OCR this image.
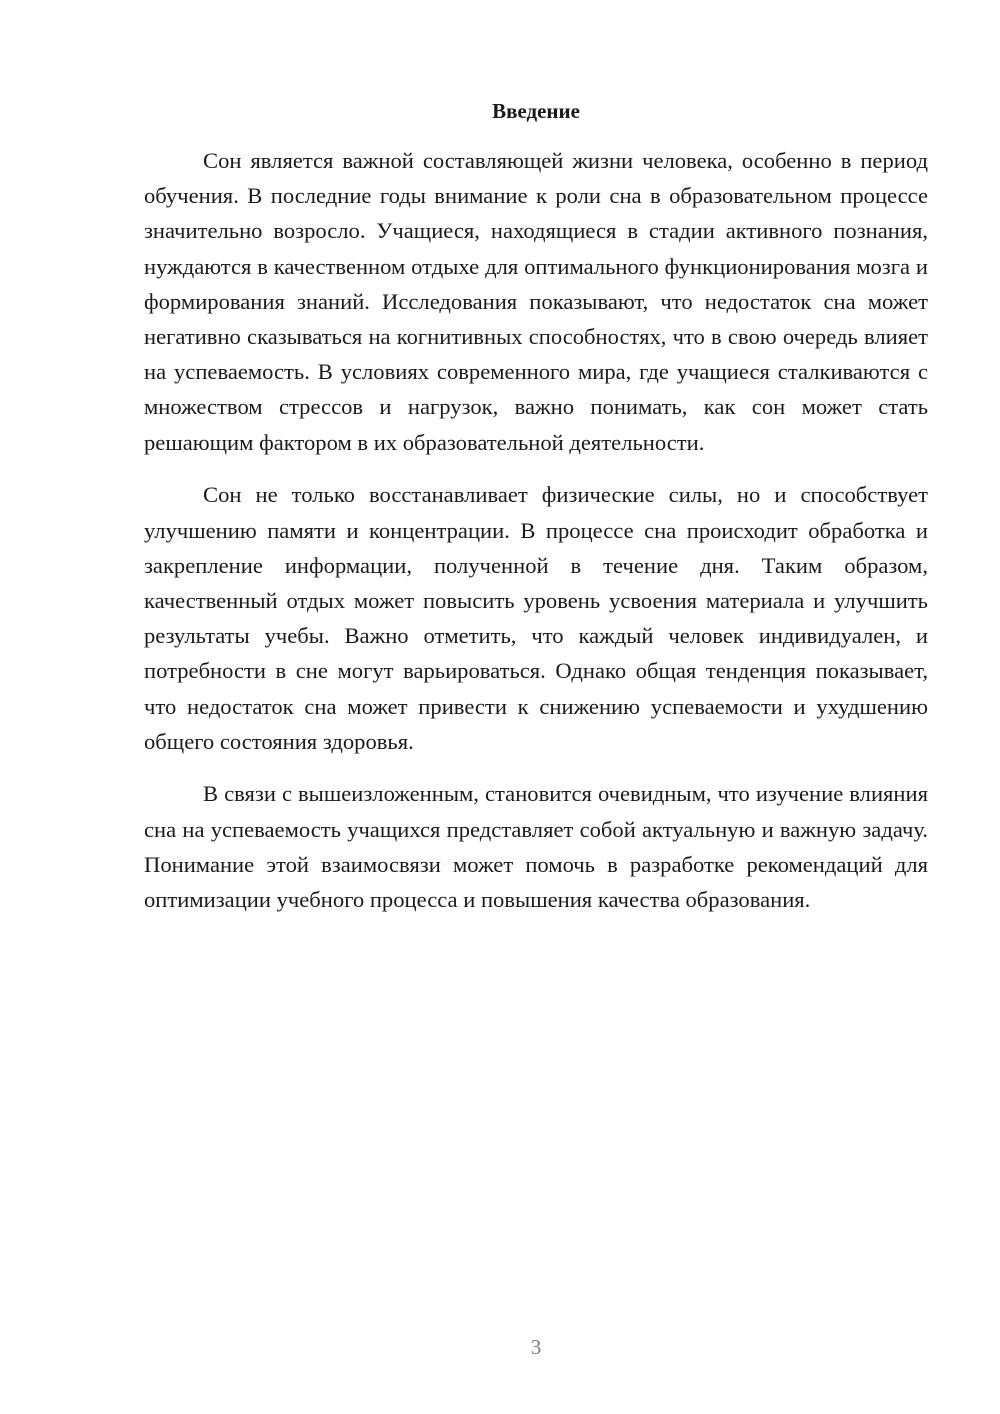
Введение

Сон является важной составляющей жизни человека, особенно в период обучения. В последние годы внимание к роли сна в образовательном процессе значительно возросло. Учащиеся, находящиеся в стадии активного познания, нуждаются в качественном отдыхе для оптимального функционирования мозга и формирования знаний. Исследования показывают, что недостаток сна может негативно сказываться на когнитивных способностях, что в свою очередь влияет на успеваемость. В условиях современного мира, где учащиеся сталкиваются с множеством стрессов и нагрузок, важно понимать, как сон может стать решающим фактором в их образовательной деятельности.

Сон не только восстанавливает физические силы, но и способствует улучшению памяти и концентрации. В процессе сна происходит обработка и закрепление информации, полученной в течение дня. Таким образом, качественный отдых может повысить уровень усвоения материала и улучшить результаты учебы. Важно отметить, что каждый человек индивидуален, и потребности в сне могут варьироваться. Однако общая тенденция показывает, что недостаток сна может привести к снижению успеваемости и ухудшению общего состояния здоровья.

В связи с вышеизложенным, становится очевидным, что изучение влияния сна на успеваемость учащихся представляет собой актуальную и важную задачу. Понимание этой взаимосвязи может помочь в разработке рекомендаций для оптимизации учебного процесса и повышения качества образования.

3
